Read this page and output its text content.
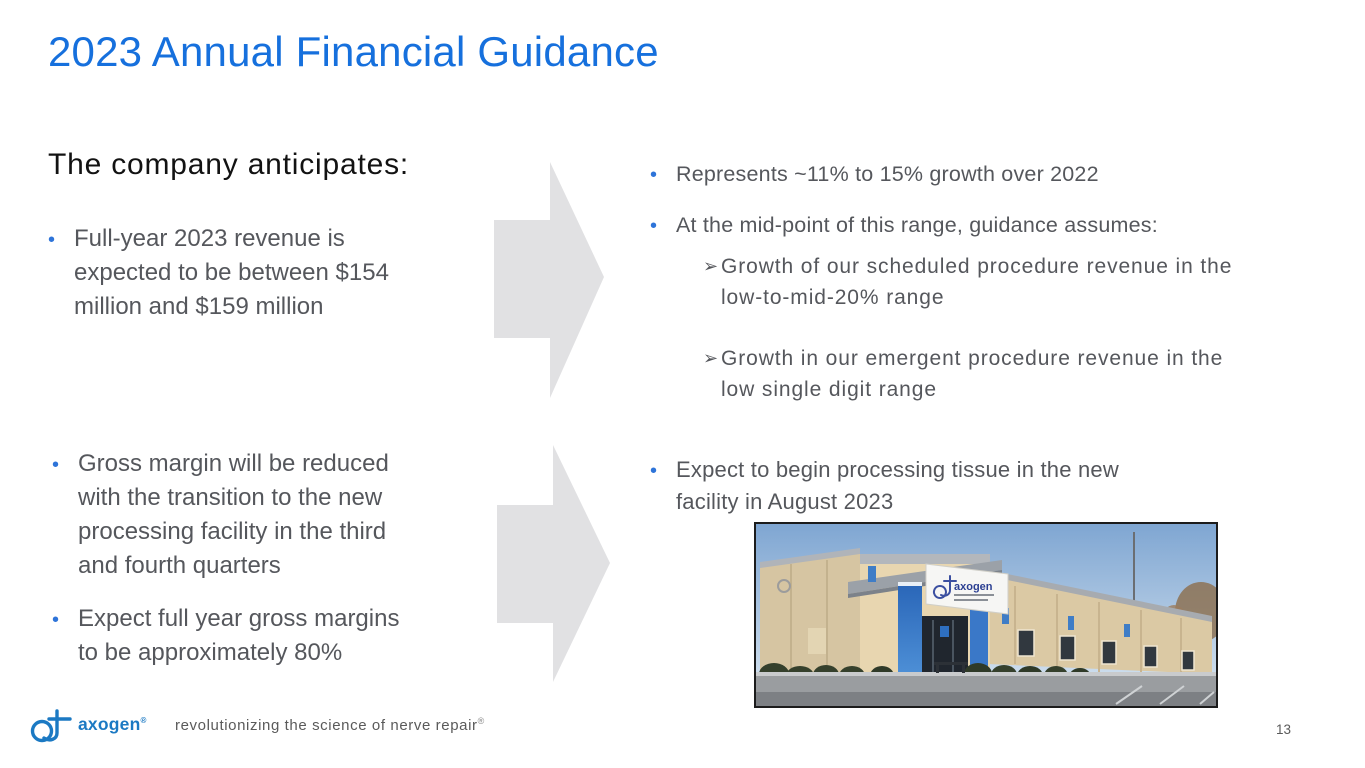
2023 Annual Financial Guidance
The company anticipates:
• Full-year 2023 revenue is
expected to be between $154
million and $159 million
• Gross margin will be reduced
with the transition to the new
processing facility in the third
and fourth quarters
• Expect full year gross margins
to be approximately 80%
• Represents ~11% to 15% growth over 2022
• At the mid-point of this range, guidance assumes:
➢ Growth of our scheduled procedure revenue in the
low-to-mid-20% range
➢ Growth in our emergent procedure revenue in the
low single digit range
• Expect to begin processing tissue in the new
facility in August 2023
axogen
axogen® revolutionizing the science of nerve repair®
13
